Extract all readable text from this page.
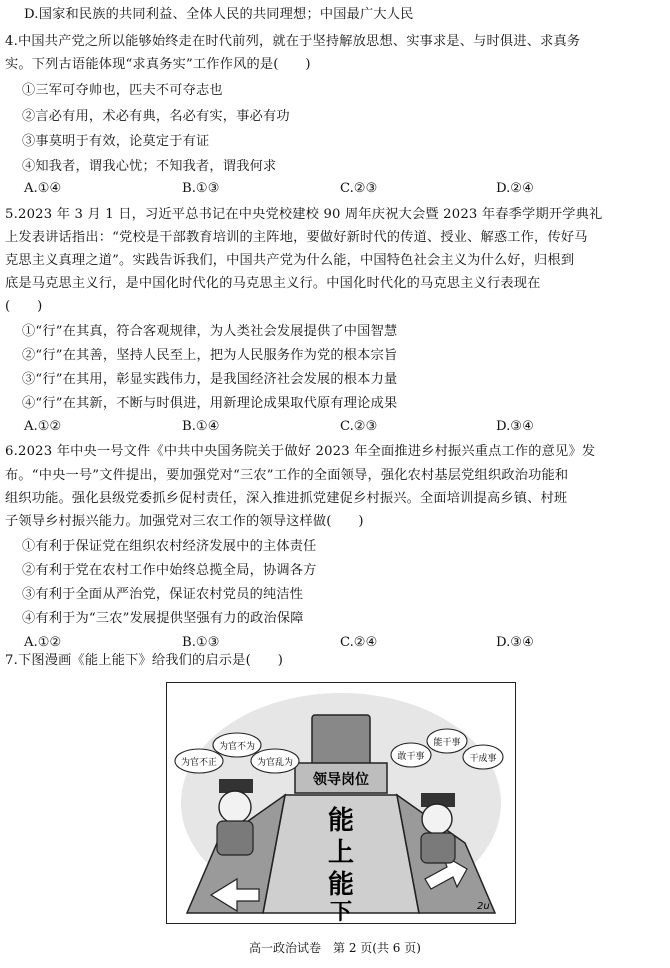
D.国家和民族的共同利益、全体人民的共同理想；中国最广大人民
4.中国共产党之所以能够始终走在时代前列，就在于坚持解放思想、实事求是、与时俱进、求真务
实。下列古语能体现“求真务实”工作作风的是(　　)
①三军可夺帅也，匹夫不可夺志也
②言必有用，术必有典，名必有实，事必有功
③事莫明于有效，论莫定于有证
④知我者，谓我心忧；不知我者，谓我何求
A.①④	B.①③	C.②③	D.②④
5.2023 年 3 月 1 日，习近平总书记在中央党校建校 90 周年庆祝大会暨 2023 年春季学期开学典礼
上发表讲话指出：“党校是干部教育培训的主阵地，要做好新时代的传道、授业、解惑工作，传好马
克思主义真理之道”。实践告诉我们，中国共产党为什么能，中国特色社会主义为什么好，归根到
底是马克思主义行，是中国化时代化的马克思主义行。中国化时代化的马克思主义行表现在
(　　)
①“行”在其真，符合客观规律，为人类社会发展提供了中国智慧
②“行”在其善，坚持人民至上，把为人民服务作为党的根本宗旨
③“行”在其用，彰显实践伟力，是我国经济社会发展的根本力量
④“行”在其新，不断与时俱进，用新理论成果取代原有理论成果
A.①②	B.①④	C.②③	D.③④
6.2023 年中央一号文件《中共中央国务院关于做好 2023 年全面推进乡村振兴重点工作的意见》发
布。“中央一号”文件提出，要加强党对“三农”工作的全面领导，强化农村基层党组织政治功能和
组织功能。强化县级党委抓乡促村责任，深入推进抓党建促乡村振兴。全面培训提高乡镇、村班
子领导乡村振兴能力。加强党对三农工作的领导这样做(　　)
①有利于保证党在组织农村经济发展中的主体责任
②有利于党在农村工作中始终总揽全局，协调各方
③有利于全面从严治党，保证农村党员的纯洁性
④有利于为“三农”发展提供坚强有力的政治保障
A.①②	B.①③	C.②④	D.③④
7.下图漫画《能上能下》给我们的启示是(　　)
领导岗位
能
上
能
下
为官不正
为官不为
为官乱为
敢干事
能干事
干成事
2u
高一政治试卷　第 2 页(共 6 页)
